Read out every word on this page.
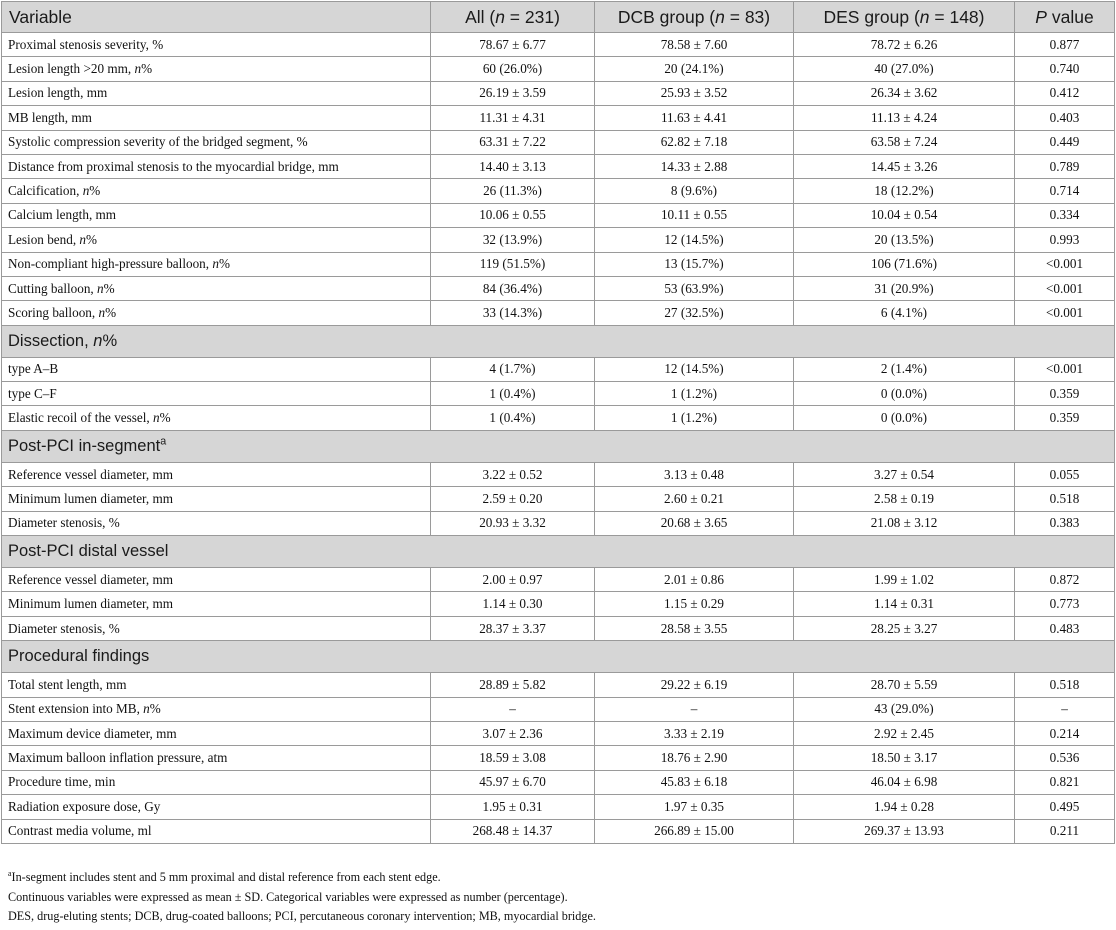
Variable	All (n = 231)	DCB group (n = 83)	DES group (n = 148)	P value
Proximal stenosis severity, %	78.67 ± 6.77	78.58 ± 7.60	78.72 ± 6.26	0.877
Lesion length >20 mm, n%	60 (26.0%)	20 (24.1%)	40 (27.0%)	0.740
Lesion length, mm	26.19 ± 3.59	25.93 ± 3.52	26.34 ± 3.62	0.412
MB length, mm	11.31 ± 4.31	11.63 ± 4.41	11.13 ± 4.24	0.403
Systolic compression severity of the bridged segment, %	63.31 ± 7.22	62.82 ± 7.18	63.58 ± 7.24	0.449
Distance from proximal stenosis to the myocardial bridge, mm	14.40 ± 3.13	14.33 ± 2.88	14.45 ± 3.26	0.789
Calcification, n%	26 (11.3%)	8 (9.6%)	18 (12.2%)	0.714
Calcium length, mm	10.06 ± 0.55	10.11 ± 0.55	10.04 ± 0.54	0.334
Lesion bend, n%	32 (13.9%)	12 (14.5%)	20 (13.5%)	0.993
Non-compliant high-pressure balloon, n%	119 (51.5%)	13 (15.7%)	106 (71.6%)	<0.001
Cutting balloon, n%	84 (36.4%)	53 (63.9%)	31 (20.9%)	<0.001
Scoring balloon, n%	33 (14.3%)	27 (32.5%)	6 (4.1%)	<0.001
Dissection, n%				
type A–B	4 (1.7%)	12 (14.5%)	2 (1.4%)	<0.001
type C–F	1 (0.4%)	1 (1.2%)	0 (0.0%)	0.359
Elastic recoil of the vessel, n%	1 (0.4%)	1 (1.2%)	0 (0.0%)	0.359
Post-PCI in-segment$^a$
Reference vessel diameter, mm	3.22 ± 0.52	3.13 ± 0.48	3.27 ± 0.54	0.055
Minimum lumen diameter, mm	2.59 ± 0.20	2.60 ± 0.21	2.58 ± 0.19	0.518
Diameter stenosis, %	20.93 ± 3.32	20.68 ± 3.65	21.08 ± 3.12	0.383
Post-PCI distal vessel				
Reference vessel diameter, mm	2.00 ± 0.97	2.01 ± 0.86	1.99 ± 1.02	0.872
Minimum lumen diameter, mm	1.14 ± 0.30	1.15 ± 0.29	1.14 ± 0.31	0.773
Diameter stenosis, %	28.37 ± 3.37	28.58 ± 3.55	28.25 ± 3.27	0.483
Procedural findings				
Total stent length, mm	28.89 ± 5.82	29.22 ± 6.19	28.70 ± 5.59	0.518
Stent extension into MB, n%	–	–	43 (29.0%)	–
Maximum device diameter, mm	3.07 ± 2.36	3.33 ± 2.19	2.92 ± 2.45	0.214
Maximum balloon inflation pressure, atm	18.59 ± 3.08	18.76 ± 2.90	18.50 ± 3.17	0.536
Procedure time, min	45.97 ± 6.70	45.83 ± 6.18	46.04 ± 6.98	0.821
Radiation exposure dose, Gy	1.95 ± 0.31	1.97 ± 0.35	1.94 ± 0.28	0.495
Contrast media volume, ml	268.48 ± 14.37	266.89 ± 15.00	269.37 ± 13.93	0.211
$^a$In-segment includes stent and 5 mm proximal and distal reference from each stent edge.
Continuous variables were expressed as mean ± SD. Categorical variables were expressed as number (percentage).
DES, drug-eluting stents; DCB, drug-coated balloons; PCI, percutaneous coronary intervention; MB, myocardial bridge.
